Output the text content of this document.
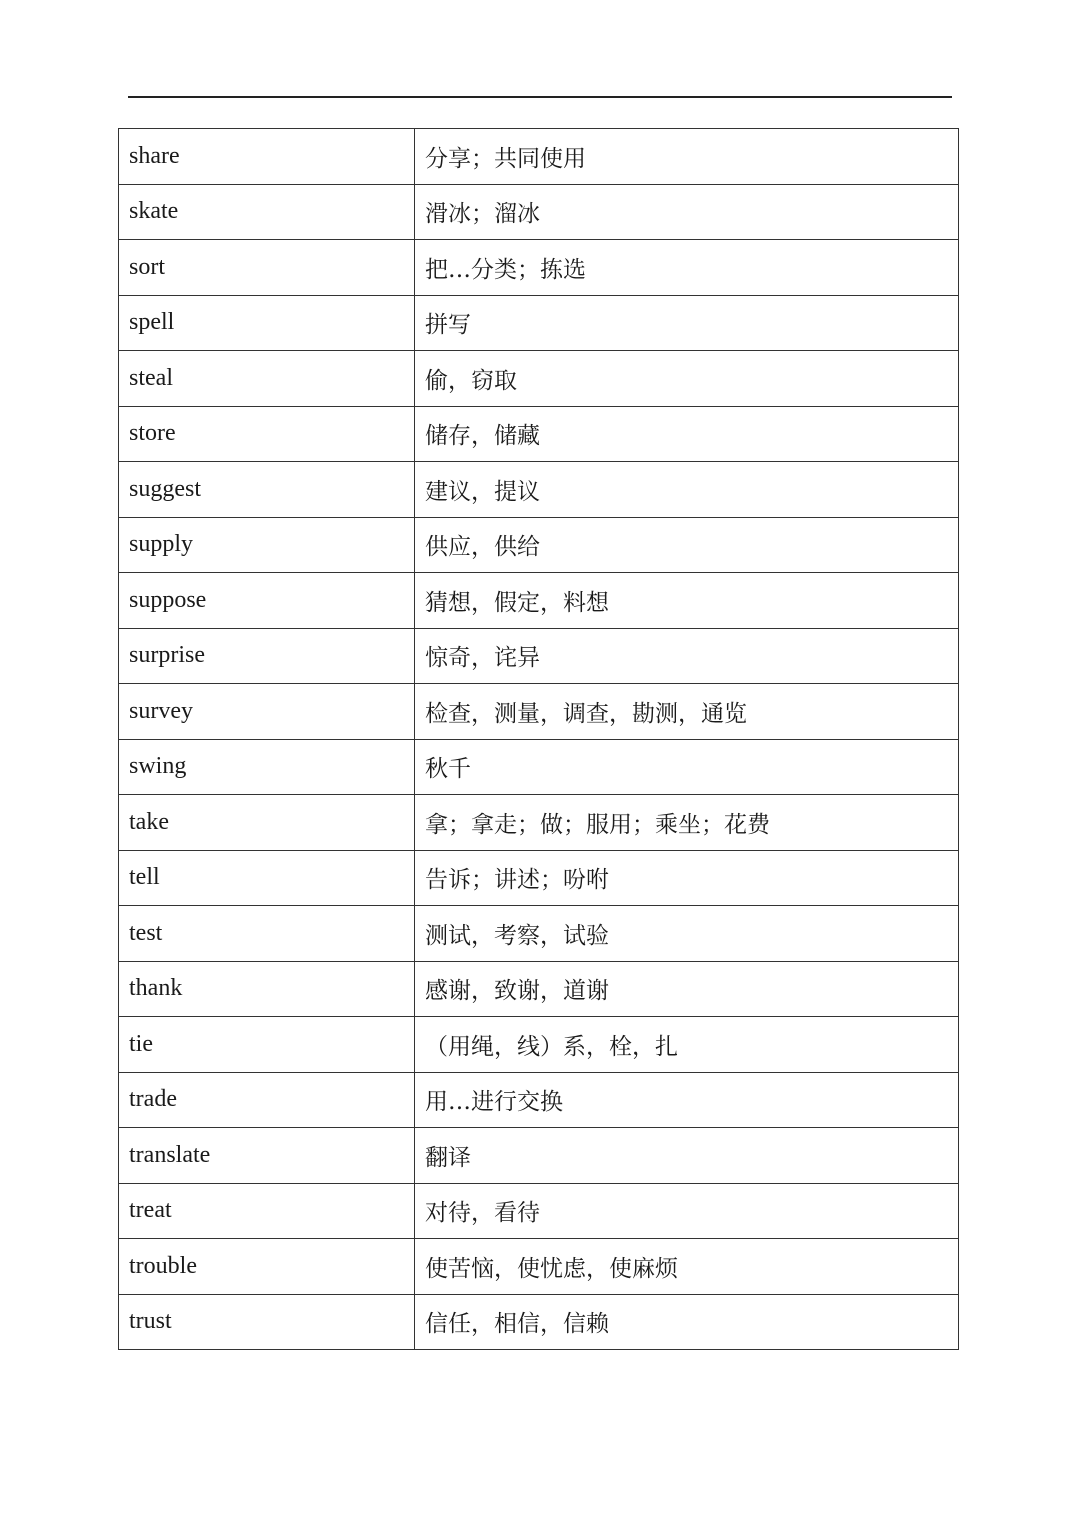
share	分享；共同使用
skate	滑冰；溜冰
sort	把…分类；拣选
spell	拼写
steal	偷，窃取
store	储存，储藏
suggest	建议，提议
supply	供应，供给
suppose	猜想，假定，料想
surprise	惊奇，诧异
survey	检查，测量，调查，勘测，通览
swing	秋千
take	拿；拿走；做；服用；乘坐；花费
tell	告诉；讲述；吩咐
test	测试，考察，试验
thank	感谢，致谢，道谢
tie	（用绳，线）系，栓，扎
trade	用…进行交换
translate	翻译
treat	对待，看待
trouble	使苦恼，使忧虑，使麻烦
trust	信任，相信，信赖
